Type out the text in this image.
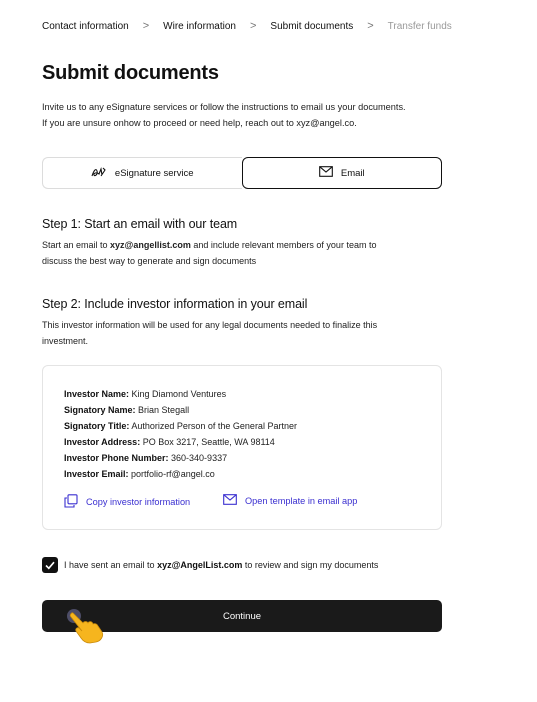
Contact information > Wire information > Submit documents > Transfer funds
Submit documents
Invite us to any eSignature services or follow the instructions to email us your documents.
If you are unsure onhow to proceed or need help, reach out to xyz@angel.co.
eSignature service	Email
Step 1: Start an email with our team
Start an email to xyz@angellist.com and include relevant members of your team to
discuss the best way to generate and sign documents
Step 2: Include investor information in your email
This investor information will be used for any legal documents needed to finalize this
investment.
Investor Name: King Diamond Ventures
Signatory Name: Brian Stegall
Signatory Title: Authorized Person of the General Partner
Investor Address: PO Box 3217, Seattle, WA 98114
Investor Phone Number: 360-340-9337
Investor Email: portfolio-rf@angel.co
Copy investor information	Open template in email app
I have sent an email to xyz@AngelList.com to review and sign my documents
Continue
